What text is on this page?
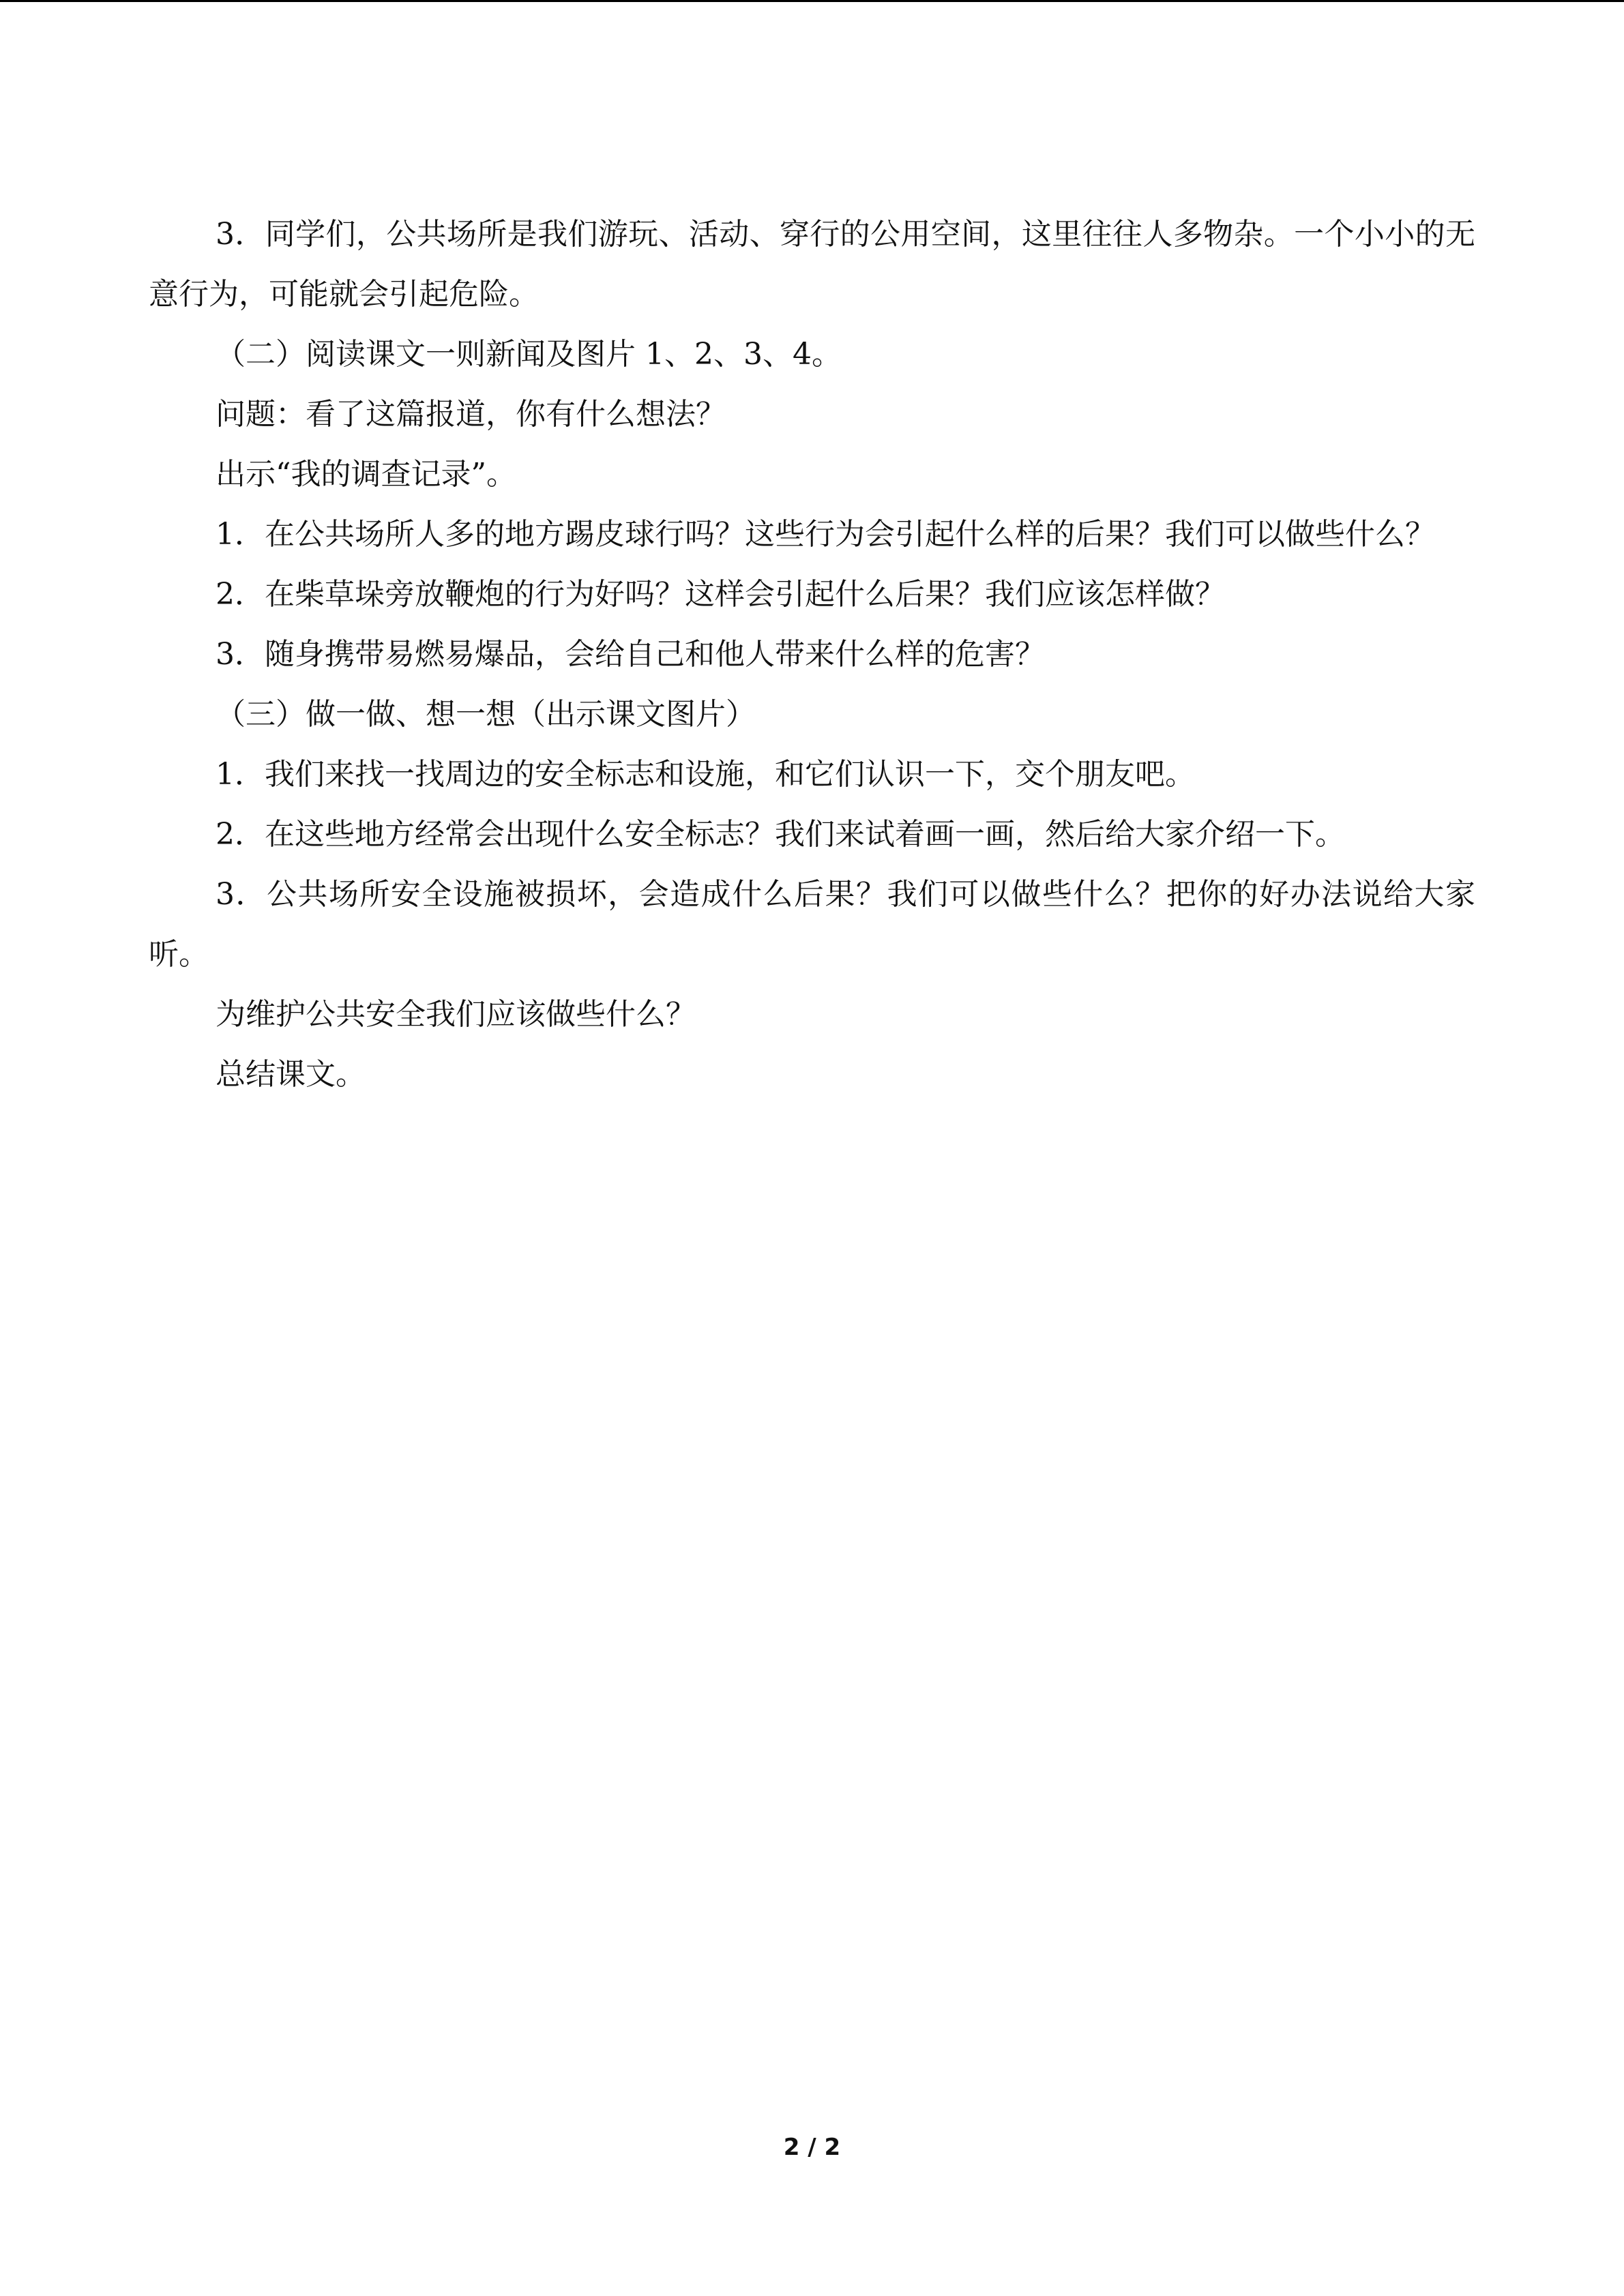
3．同学们，公共场所是我们游玩、活动、穿行的公用空间，这里往往人多物杂。一个小小的无意行为，可能就会引起危险。

（二）阅读课文一则新闻及图片 1、2、3、4。

问题：看了这篇报道，你有什么想法？

出示“我的调查记录”。

1．在公共场所人多的地方踢皮球行吗？这些行为会引起什么样的后果？我们可以做些什么？

2．在柴草垛旁放鞭炮的行为好吗？这样会引起什么后果？我们应该怎样做？

3．随身携带易燃易爆品，会给自己和他人带来什么样的危害？

（三）做一做、想一想（出示课文图片）

1．我们来找一找周边的安全标志和设施，和它们认识一下，交个朋友吧。

2．在这些地方经常会出现什么安全标志？我们来试着画一画，然后给大家介绍一下。

3．公共场所安全设施被损坏，会造成什么后果？我们可以做些什么？把你的好办法说给大家听。

为维护公共安全我们应该做些什么？

总结课文。

2 / 2
